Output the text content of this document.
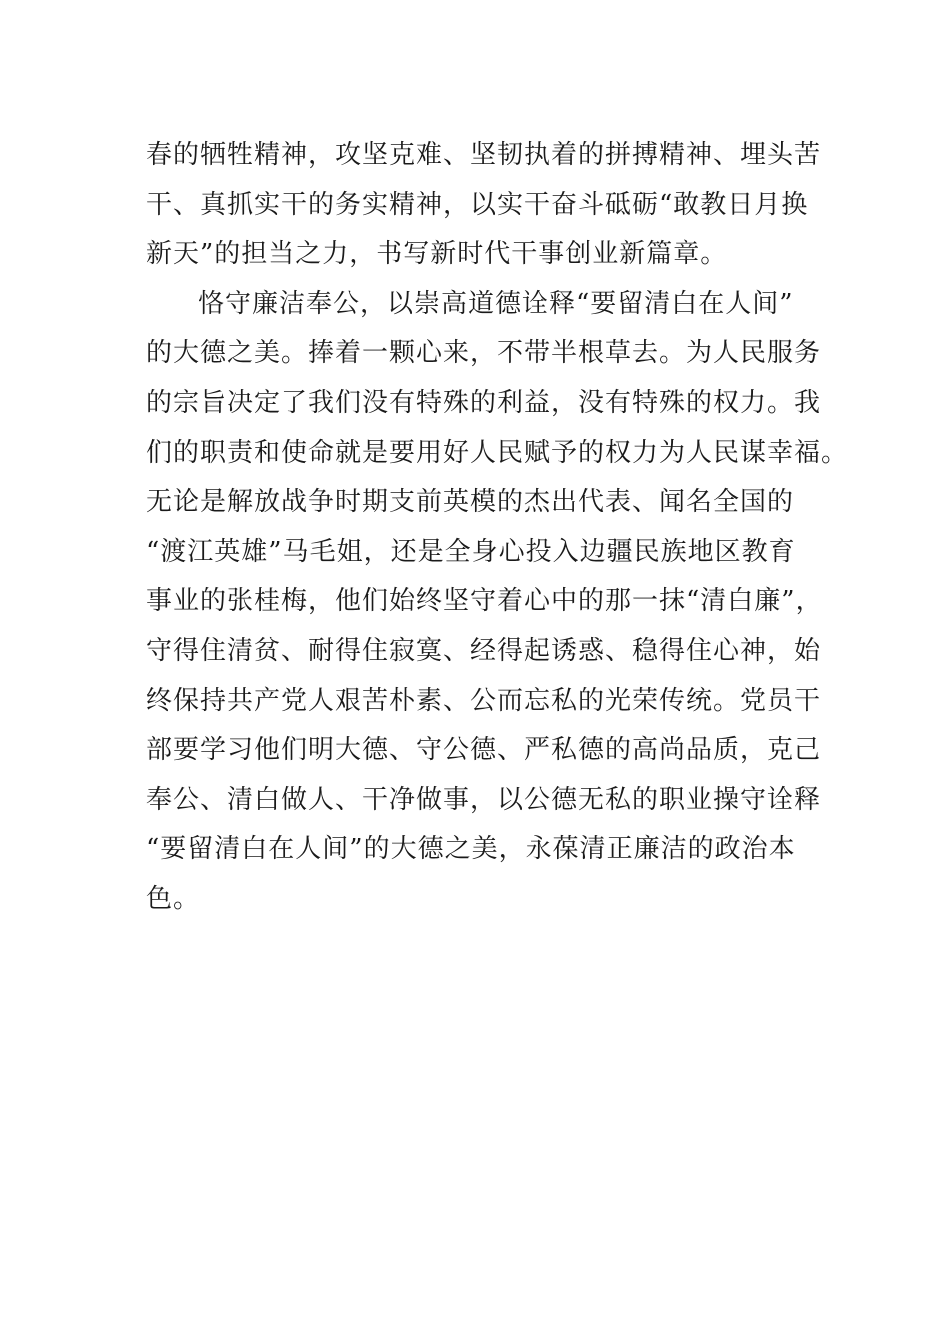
春的牺牲精神，攻坚克难、坚韧执着的拼搏精神、埋头苦
干、真抓实干的务实精神，以实干奋斗砥砺“敢教日月换
新天”的担当之力，书写新时代干事创业新篇章。
恪守廉洁奉公，以崇高道德诠释“要留清白在人间”
的大德之美。捧着一颗心来，不带半根草去。为人民服务
的宗旨决定了我们没有特殊的利益，没有特殊的权力。我
们的职责和使命就是要用好人民赋予的权力为人民谋幸福。
无论是解放战争时期支前英模的杰出代表、闻名全国的
“渡江英雄”马毛姐，还是全身心投入边疆民族地区教育
事业的张桂梅，他们始终坚守着心中的那一抹“清白廉”，
守得住清贫、耐得住寂寞、经得起诱惑、稳得住心神，始
终保持共产党人艰苦朴素、公而忘私的光荣传统。党员干
部要学习他们明大德、守公德、严私德的高尚品质，克己
奉公、清白做人、干净做事，以公德无私的职业操守诠释
“要留清白在人间”的大德之美，永葆清正廉洁的政治本
色。
